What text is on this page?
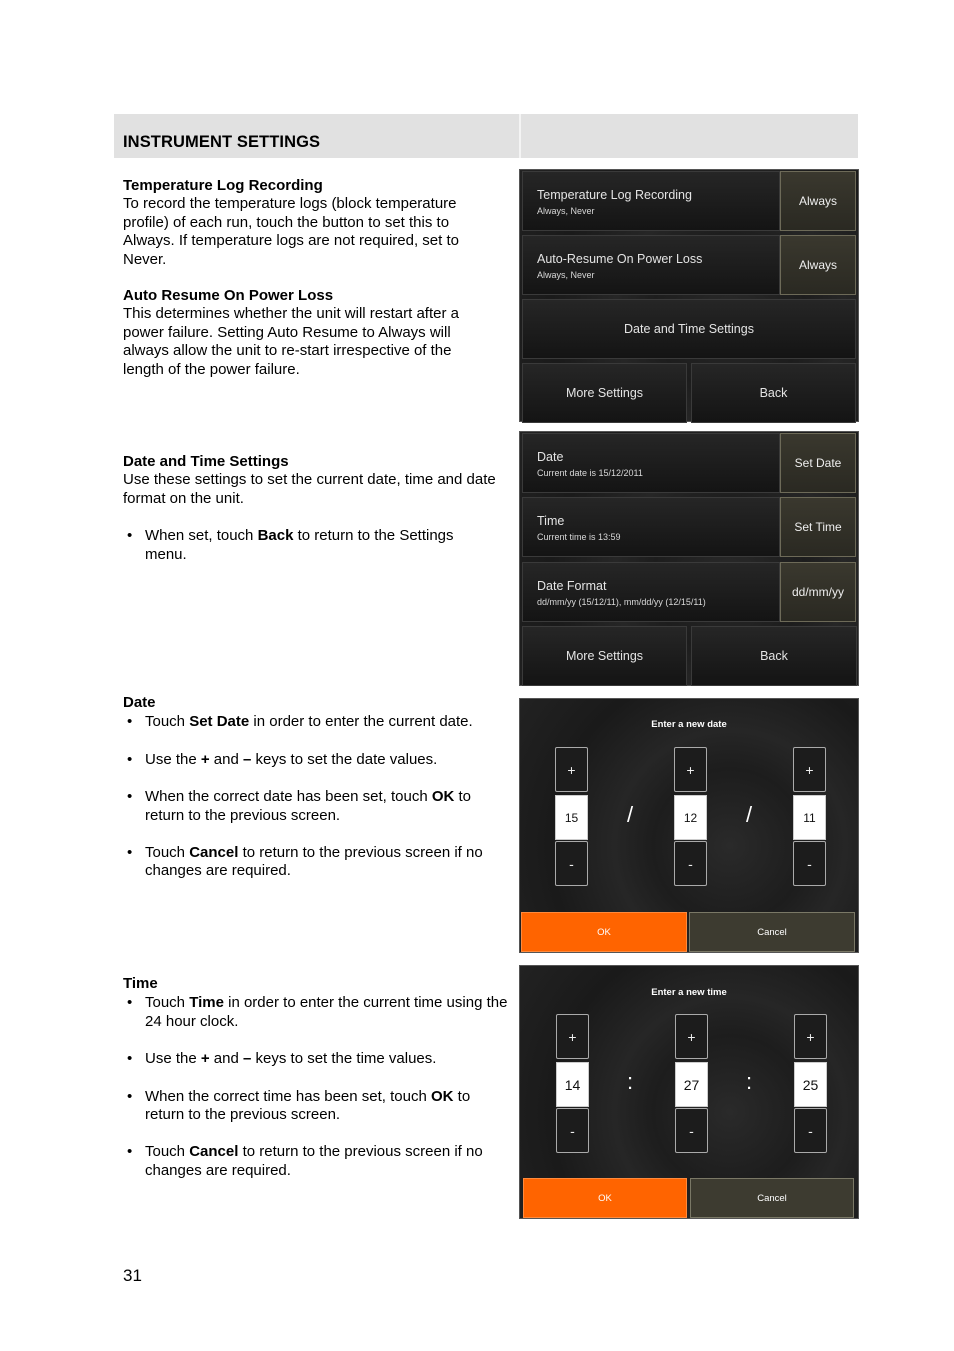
INSTRUMENT SETTINGS
Temperature Log Recording

To record the temperature logs (block temperature profile) of each run, touch the button to set this to Always. If temperature logs are not required, set to Never.

Auto Resume On Power Loss

This determines whether the unit will restart after a power failure. Setting Auto Resume to Always will always allow the unit to re-start irrespective of the length of the power failure.

Date and Time Settings

Use these settings to set the current date, time and date format on the unit.

• When set, touch Back to return to the Settings menu.
Date
• Touch Set Date in order to enter the current date.
• Use the + and – keys to set the date values.
• When the correct date has been set, touch OK to return to the previous screen.
• Touch Cancel to return to the previous screen if no changes are required.
Time
• Touch Time in order to enter the current time using the 24 hour clock.
• Use the + and – keys to set the time values.
• When the correct time has been set, touch OK to return to the previous screen.
• Touch Cancel to return to the previous screen if no changes are required.
Temperature Log Recording
Always, Never
Always
Auto-Resume On Power Loss
Always, Never
Always
Date and Time Settings
More Settings	Back
Date
Current date is 15/12/2011
Set Date
Time
Current time is 13:59
Set Time
Date Format
dd/mm/yy (15/12/11), mm/dd/yy (12/15/11)
dd/mm/yy
More Settings	Back
Enter a new date
+
15
-
/
+
12
-
/
+
11
-
OK	Cancel
Enter a new time
+
14
-
:
+
27
-
:
+
25
-
OK	Cancel
31
